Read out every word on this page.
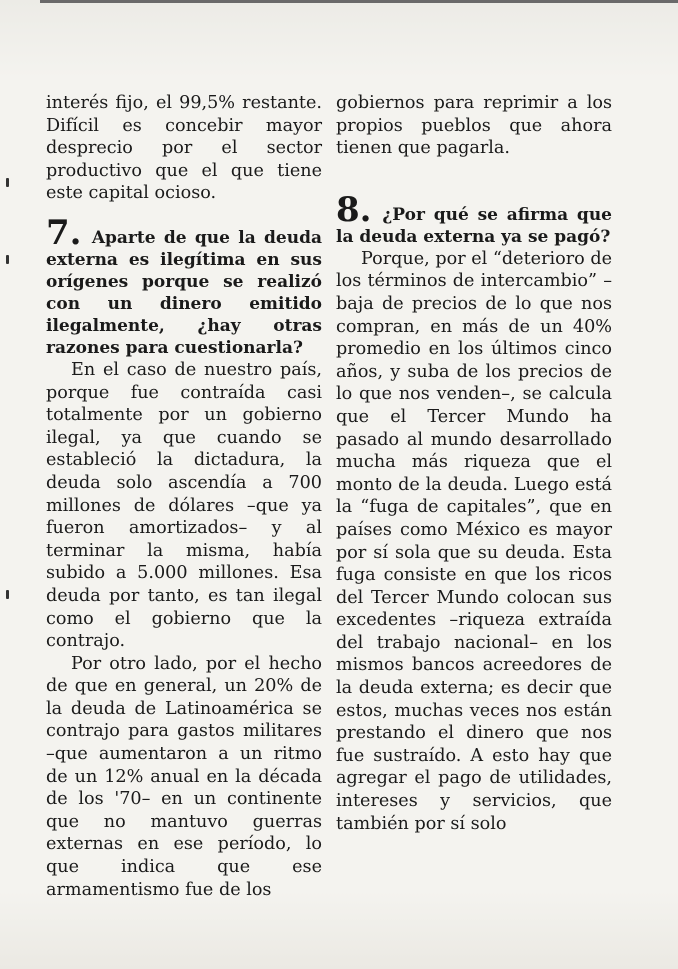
interés fijo, el 99,5% restante. Difícil es concebir mayor desprecio por el sector productivo que el que tiene este capital ocioso.

7. Aparte de que la deuda externa es ilegítima en sus orígenes porque se realizó con un dinero emitido ilegalmente, ¿hay otras razones para cuestionarla?

En el caso de nuestro país, porque fue contraída casi totalmente por un gobierno ilegal, ya que cuando se estableció la dictadura, la deuda solo ascendía a 700 millones de dólares –que ya fueron amortizados– y al terminar la misma, había subido a 5.000 millones. Esa deuda por tanto, es tan ilegal como el gobierno que la contrajo.

Por otro lado, por el hecho de que en general, un 20% de la deuda de Latinoamérica se contrajo para gastos militares –que aumentaron a un ritmo de un 12% anual en la década de los '70– en un continente que no mantuvo guerras externas en ese período, lo que indica que ese armamentismo fue de los

gobiernos para reprimir a los propios pueblos que ahora tienen que pagarla.

8. ¿Por qué se afirma que la deuda externa ya se pagó?

Porque, por el “deterioro de los términos de intercambio” –baja de precios de lo que nos compran, en más de un 40% promedio en los últimos cinco años, y suba de los precios de lo que nos venden–, se calcula que el Tercer Mundo ha pasado al mundo desarrollado mucha más riqueza que el monto de la deuda. Luego está la “fuga de capitales”, que en países como México es mayor por sí sola que su deuda. Esta fuga consiste en que los ricos del Tercer Mundo colocan sus excedentes –riqueza extraída del trabajo nacional– en los mismos bancos acreedores de la deuda externa; es decir que estos, muchas veces nos están prestando el dinero que nos fue sustraído. A esto hay que agregar el pago de utilidades, intereses y servicios, que también por sí solo
